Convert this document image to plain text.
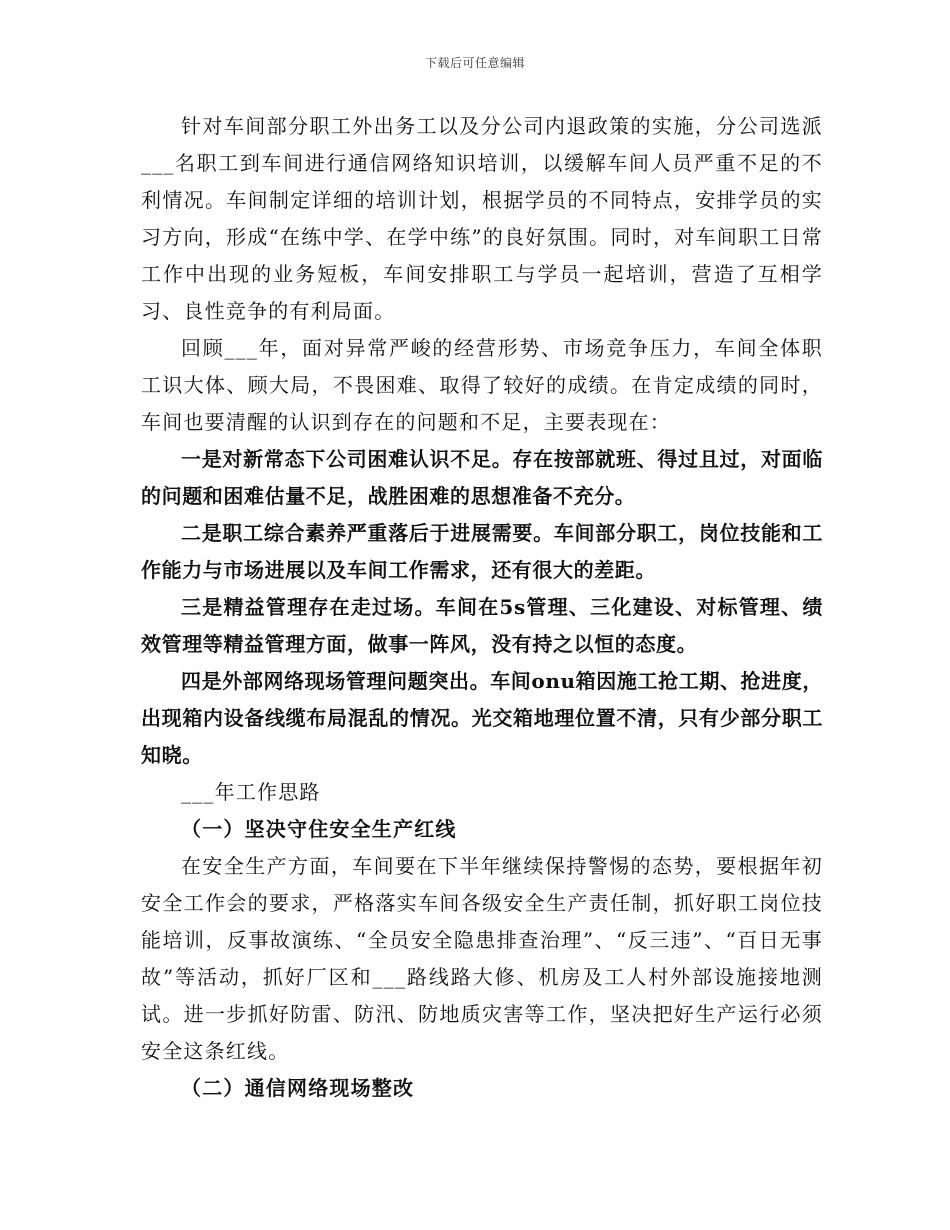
下载后可任意编辑

针对车间部分职工外出务工以及分公司内退政策的实施，分公司选派___名职工到车间进行通信网络知识培训，以缓解车间人员严重不足的不利情况。车间制定详细的培训计划，根据学员的不同特点，安排学员的实习方向，形成“在练中学、在学中练”的良好氛围。同时，对车间职工日常工作中出现的业务短板，车间安排职工与学员一起培训，营造了互相学习、良性竞争的有利局面。

回顾___年，面对异常严峻的经营形势、市场竞争压力，车间全体职工识大体、顾大局，不畏困难、取得了较好的成绩。在肯定成绩的同时，车间也要清醒的认识到存在的问题和不足，主要表现在：

一是对新常态下公司困难认识不足。存在按部就班、得过且过，对面临的问题和困难估量不足，战胜困难的思想准备不充分。

二是职工综合素养严重落后于进展需要。车间部分职工，岗位技能和工作能力与市场进展以及车间工作需求，还有很大的差距。

三是精益管理存在走过场。车间在5s管理、三化建设、对标管理、绩效管理等精益管理方面，做事一阵风，没有持之以恒的态度。

四是外部网络现场管理问题突出。车间onu箱因施工抢工期、抢进度，出现箱内设备线缆布局混乱的情况。光交箱地理位置不清，只有少部分职工知晓。

___年工作思路

（一）坚决守住安全生产红线

在安全生产方面，车间要在下半年继续保持警惕的态势，要根据年初安全工作会的要求，严格落实车间各级安全生产责任制，抓好职工岗位技能培训，反事故演练、“全员安全隐患排查治理”、“反三违”、“百日无事故”等活动，抓好厂区和___路线路大修、机房及工人村外部设施接地测试。进一步抓好防雷、防汛、防地质灾害等工作，坚决把好生产运行必须安全这条红线。

（二）通信网络现场整改
